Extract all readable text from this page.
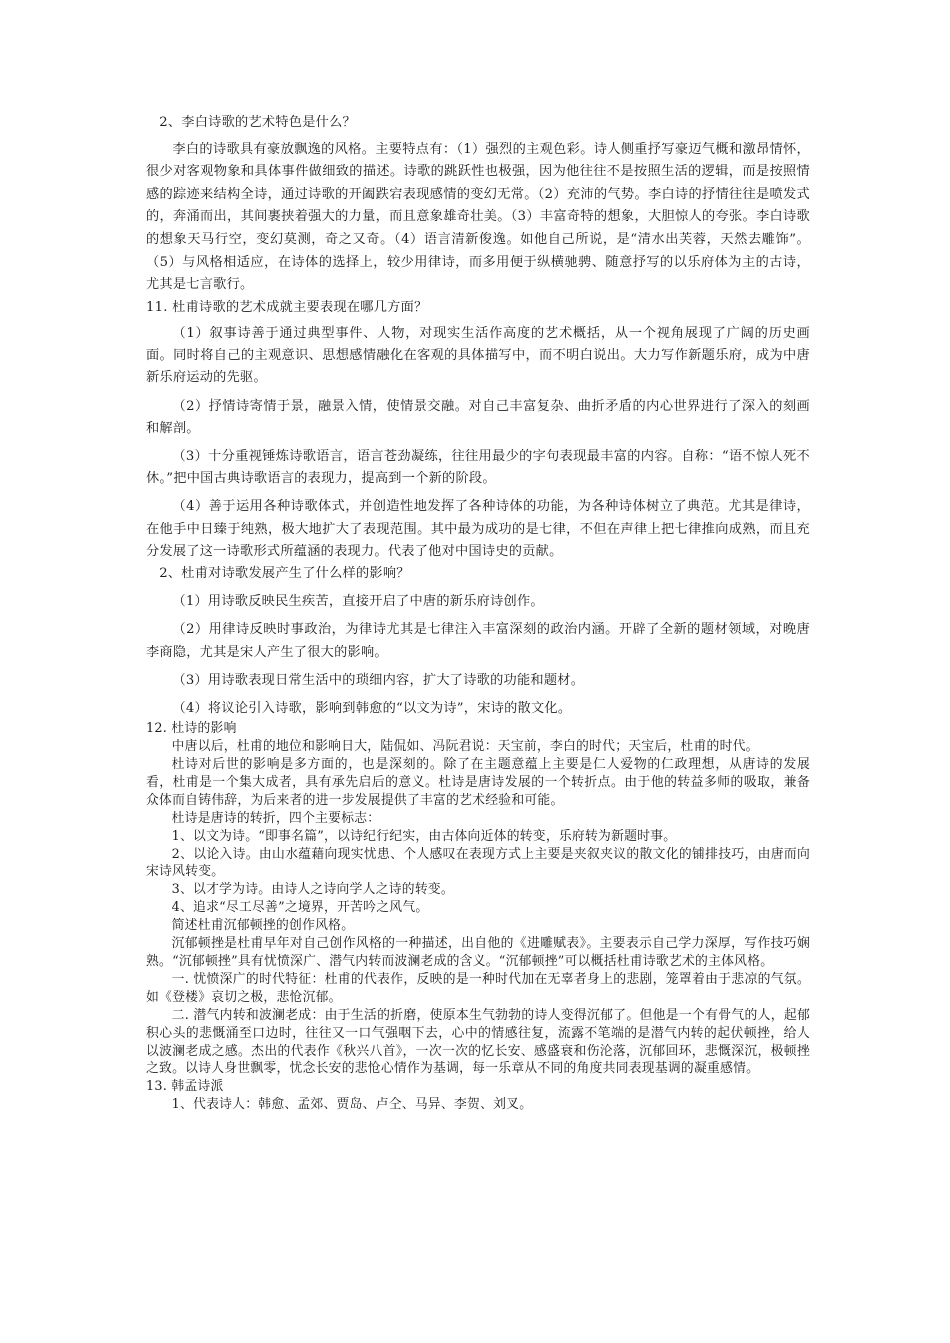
2、李白诗歌的艺术特色是什么？

李白的诗歌具有豪放飘逸的风格。主要特点有：（1）强烈的主观色彩。诗人侧重抒写豪迈气概和激昂情怀，很少对客观物象和具体事件做细致的描述。诗歌的跳跃性也极强，因为他往往不是按照生活的逻辑，而是按照情感的踪迹来结构全诗，通过诗歌的开阖跌宕表现感情的变幻无常。（2）充沛的气势。李白诗的抒情往往是喷发式的，奔涌而出，其间裹挟着强大的力量，而且意象雄奇壮美。（3）丰富奇特的想象，大胆惊人的夸张。李白诗歌的想象天马行空，变幻莫测，奇之又奇。（4）语言清新俊逸。如他自己所说，是“清水出芙蓉，天然去雕饰”。（5）与风格相适应，在诗体的选择上，较少用律诗，而多用便于纵横驰骋、随意抒写的以乐府体为主的古诗，尤其是七言歌行。

11. 杜甫诗歌的艺术成就主要表现在哪几方面？

（1）叙事诗善于通过典型事件、人物，对现实生活作高度的艺术概括，从一个视角展现了广阔的历史画面。同时将自己的主观意识、思想感情融化在客观的具体描写中，而不明白说出。大力写作新题乐府，成为中唐新乐府运动的先驱。

（2）抒情诗寄情于景，融景入情，使情景交融。对自己丰富复杂、曲折矛盾的内心世界进行了深入的刻画和解剖。

（3）十分重视锤炼诗歌语言，语言苍劲凝练，往往用最少的字句表现最丰富的内容。自称：“语不惊人死不休。”把中国古典诗歌语言的表现力，提高到一个新的阶段。

（4）善于运用各种诗歌体式，并创造性地发挥了各种诗体的功能，为各种诗体树立了典范。尤其是律诗，在他手中日臻于纯熟，极大地扩大了表现范围。其中最为成功的是七律，不但在声律上把七律推向成熟，而且充分发展了这一诗歌形式所蕴涵的表现力。代表了他对中国诗史的贡献。

2、杜甫对诗歌发展产生了什么样的影响？

（1）用诗歌反映民生疾苦，直接开启了中唐的新乐府诗创作。

（2）用律诗反映时事政治，为律诗尤其是七律注入丰富深刻的政治内涵。开辟了全新的题材领域，对晚唐李商隐，尤其是宋人产生了很大的影响。

（3）用诗歌表现日常生活中的琐细内容，扩大了诗歌的功能和题材。

（4）将议论引入诗歌，影响到韩愈的“以文为诗”，宋诗的散文化。

12. 杜诗的影响

中唐以后，杜甫的地位和影响日大，陆侃如、冯阮君说：天宝前，李白的时代；天宝后，杜甫的时代。

杜诗对后世的影响是多方面的，也是深刻的。除了在主题意蕴上主要是仁人爱物的仁政理想，从唐诗的发展看，杜甫是一个集大成者，具有承先启后的意义。杜诗是唐诗发展的一个转折点。由于他的转益多师的吸取，兼备众体而自铸伟辞，为后来者的进一步发展提供了丰富的艺术经验和可能。

杜诗是唐诗的转折，四个主要标志：

1、以文为诗。“即事名篇”，以诗纪行纪实，由古体向近体的转变，乐府转为新题时事。

2、以论入诗。由山水蕴藉向现实忧患、个人感叹在表现方式上主要是夹叙夹议的散文化的铺排技巧，由唐而向宋诗风转变。

3、以才学为诗。由诗人之诗向学人之诗的转变。

4、追求“尽工尽善”之境界，开苦吟之风气。

简述杜甫沉郁顿挫的创作风格。

沉郁顿挫是杜甫早年对自己创作风格的一种描述，出自他的《进雕赋表》。主要表示自己学力深厚，写作技巧娴熟。“沉郁顿挫”具有忧愤深广、潜气内转而波澜老成的含义。“沉郁顿挫”可以概括杜甫诗歌艺术的主体风格。

一. 忧愤深广的时代特征：杜甫的代表作，反映的是一种时代加在无辜者身上的悲剧，笼罩着由于悲凉的气氛。如《登楼》哀切之极，悲怆沉郁。

二. 潜气内转和波澜老成：由于生活的折磨，使原本生气勃勃的诗人变得沉郁了。但他是一个有骨气的人，起郁积心头的悲慨涌至口边时，往往又一口气强咽下去，心中的情感往复，流露不笔端的是潜气内转的起伏顿挫，给人以波澜老成之感。杰出的代表作《秋兴八首》，一次一次的忆长安、感盛衰和伤沦落，沉郁回环，悲慨深沉，极顿挫之致。以诗人身世飘零，忧念长安的悲怆心情作为基调，每一乐章从不同的角度共同表现基调的凝重感情。

13. 韩孟诗派

1、代表诗人：韩愈、孟郊、贾岛、卢仝、马异、李贺、刘叉。
